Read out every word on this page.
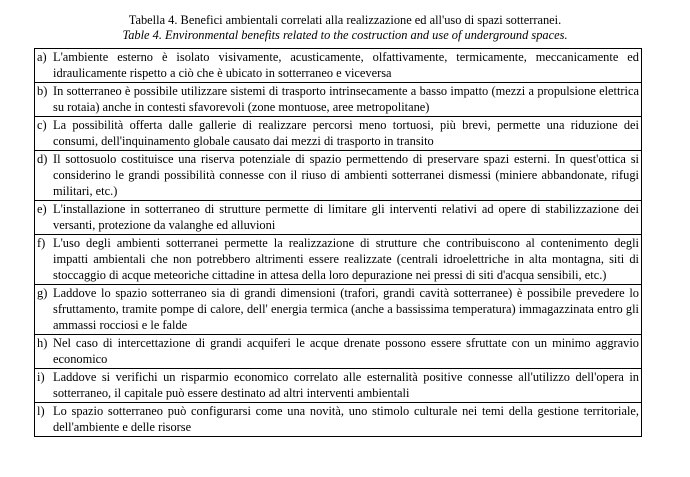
Tabella 4. Benefici ambientali correlati alla realizzazione ed all'uso di spazi sotterranei.
Table 4. Environmental benefits related to the costruction and use of underground spaces.
a) L'ambiente esterno è isolato visivamente, acusticamente, olfattivamente, termicamente, meccanicamente ed idraulicamente rispetto a ciò che è ubicato in sotterraneo e viceversa
b) In sotterraneo è possibile utilizzare sistemi di trasporto intrinsecamente a basso impatto (mezzi a propulsione elettrica su rotaia) anche in contesti sfavorevoli (zone montuose, aree metropolitane)
c) La possibilità offerta dalle gallerie di realizzare percorsi meno tortuosi, più brevi, permette una riduzione dei consumi, dell'inquinamento globale causato dai mezzi di trasporto in transito
d) Il sottosuolo costituisce una riserva potenziale di spazio permettendo di preservare spazi esterni. In quest'ottica si considerino le grandi possibilità connesse con il riuso di ambienti sotterranei dismessi (miniere abbandonate, rifugi militari, etc.)
e) L'installazione in sotterraneo di strutture permette di limitare gli interventi relativi ad opere di stabilizzazione dei versanti, protezione da valanghe ed alluvioni
f) L'uso degli ambienti sotterranei permette la realizzazione di strutture che contribuiscono al contenimento degli impatti ambientali che non potrebbero altrimenti essere realizzate (centrali idroelettriche in alta montagna, siti di stoccaggio di acque meteoriche cittadine in attesa della loro depurazione nei pressi di siti d'acqua sensibili, etc.)
g) Laddove lo spazio sotterraneo sia di grandi dimensioni (trafori, grandi cavità sotterranee) è possibile prevedere lo sfruttamento, tramite pompe di calore, dell' energia termica (anche a bassissima temperatura) immagazzinata entro gli ammassi rocciosi e le falde
h) Nel caso di intercettazione di grandi acquiferi le acque drenate possono essere sfruttate con un minimo aggravio economico
i) Laddove si verifichi un risparmio economico correlato alle esternalità positive connesse all'utilizzo dell'opera in sotterraneo, il capitale può essere destinato ad altri interventi ambientali
l) Lo spazio sotterraneo può configurarsi come una novità, uno stimolo culturale nei temi della gestione territoriale, dell'ambiente e delle risorse
